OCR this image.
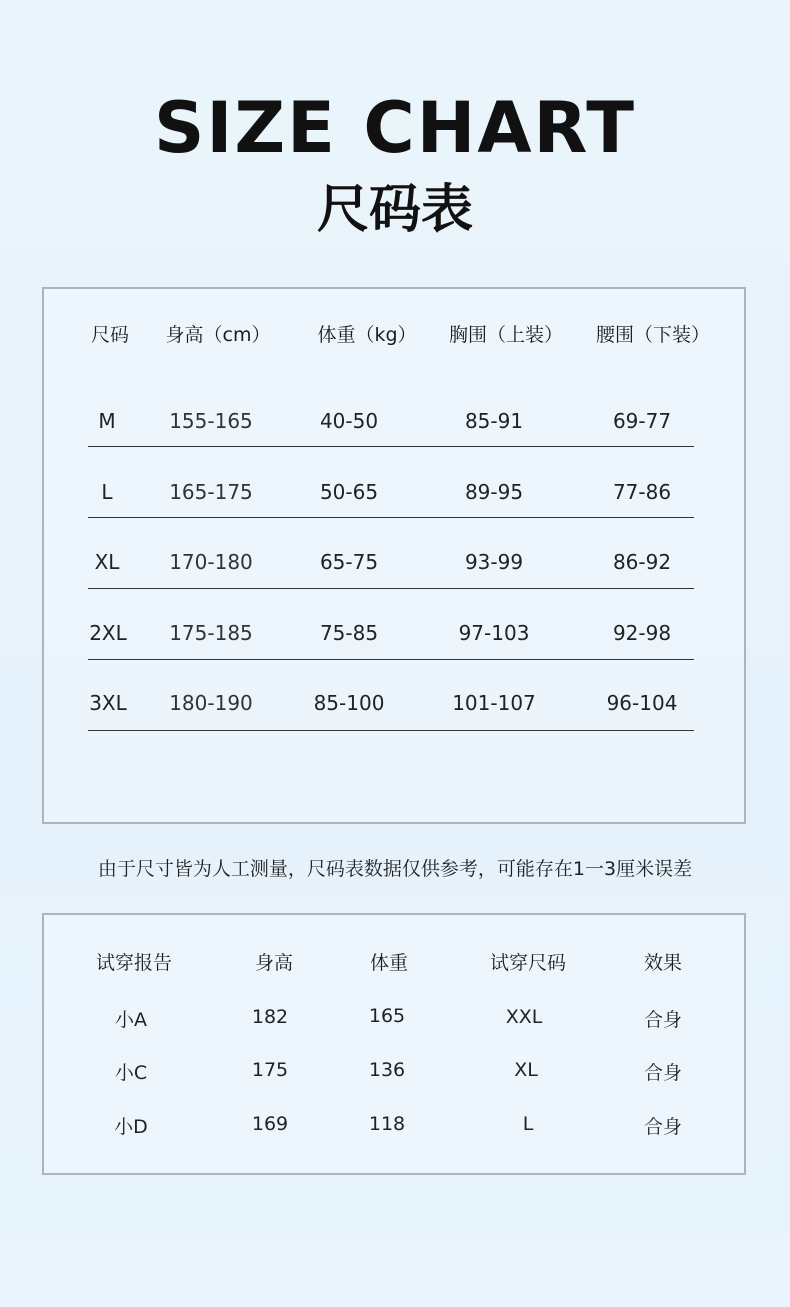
SIZE CHART
尺码表
尺码 身高（cm） 体重（kg） 胸围（上装） 腰围（下装）
M	155-165	40-50	85-91	69-77
L	165-175	50-65	89-95	77-86
XL 170-180	65-75	93-99	86-92
2XL 175-185	75-85	97-103	92-98
3XL 180-190	85-100	101-107	96-104
由于尺寸皆为人工测量，尺码表数据仅供参考，可能存在1一3厘米误差
试穿报告	身高	体重	试穿尺码	效果
小A	182	165	XXL	合身
小C	175	136	XL	合身
小D	169	118	L	合身
